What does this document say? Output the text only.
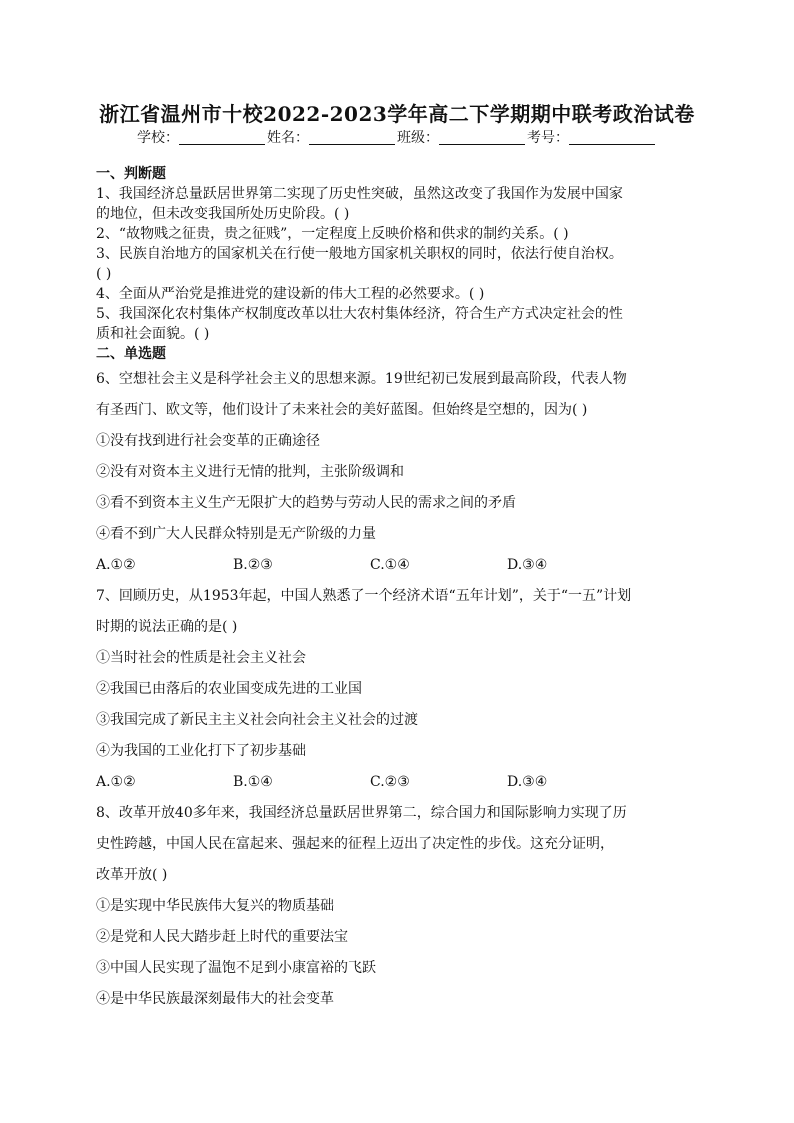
浙江省温州市十校2022-2023学年高二下学期期中联考政治试卷
学校：	姓名：	班级：	考号：
一、判断题

1、我国经济总量跃居世界第二实现了历史性突破，虽然这改变了我国作为发展中国家

的地位，但未改变我国所处历史阶段。( )

2、“故物贱之征贵，贵之征贱”，一定程度上反映价格和供求的制约关系。( )

3、民族自治地方的国家机关在行使一般地方国家机关职权的同时，依法行使自治权。

( )

4、全面从严治党是推进党的建设新的伟大工程的必然要求。( )

5、我国深化农村集体产权制度改革以壮大农村集体经济，符合生产方式决定社会的性

质和社会面貌。( )

二、单选题

6、空想社会主义是科学社会主义的思想来源。19世纪初已发展到最高阶段，代表人物

有圣西门、欧文等，他们设计了未来社会的美好蓝图。但始终是空想的，因为( )

①没有找到进行社会变革的正确途径

②没有对资本主义进行无情的批判，主张阶级调和

③看不到资本主义生产无限扩大的趋势与劳动人民的需求之间的矛盾

④看不到广大人民群众特别是无产阶级的力量

A.①②	B.②③	C.①④	D.③④

7、回顾历史，从1953年起，中国人熟悉了一个经济术语“五年计划”，关于“一五”计划

时期的说法正确的是( )

①当时社会的性质是社会主义社会

②我国已由落后的农业国变成先进的工业国

③我国完成了新民主主义社会向社会主义社会的过渡

④为我国的工业化打下了初步基础

A.①②	B.①④	C.②③	D.③④

8、改革开放40多年来，我国经济总量跃居世界第二，综合国力和国际影响力实现了历

史性跨越，中国人民在富起来、强起来的征程上迈出了决定性的步伐。这充分证明，

改革开放( )

①是实现中华民族伟大复兴的物质基础

②是党和人民大踏步赶上时代的重要法宝

③中国人民实现了温饱不足到小康富裕的飞跃

④是中华民族最深刻最伟大的社会变革
